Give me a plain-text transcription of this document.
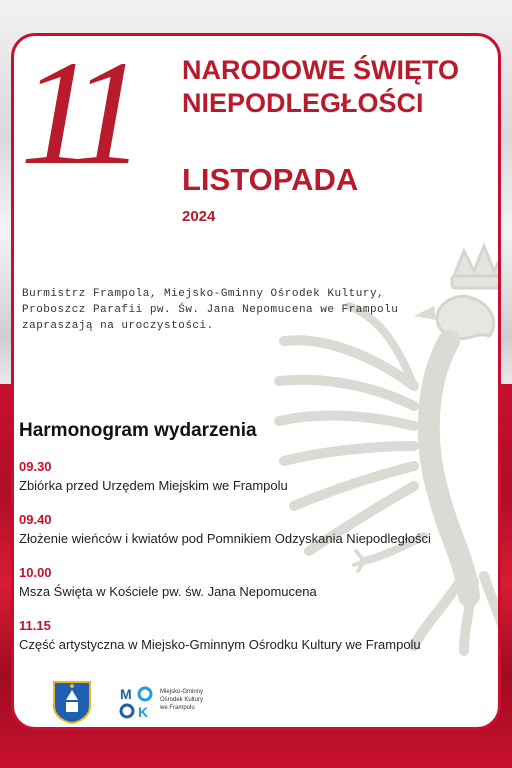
11 NARODOWE ŚWIĘTO
NIEPODLEGŁOŚCI
LISTOPADA
2024
Burmistrz Frampola, Miejsko-Gminny Ośrodek Kultury,
Proboszcz Parafii pw. Św. Jana Nepomucena we Frampolu
zapraszają na uroczystości.
Harmonogram wydarzenia
09.30
Zbiórka przed Urzędem Miejskim we Frampolu
09.40
Złożenie wieńców i kwiatów pod Pomnikiem Odzyskania Niepodległości
10.00
Msza Święta w Kościele pw. św. Jana Nepomucena
11.15
Część artystyczna w Miejsko-Gminnym Ośrodku Kultury we Frampolu
M
K
Miejsko-Gminny
Ośrodek Kultury
we Frampolu
